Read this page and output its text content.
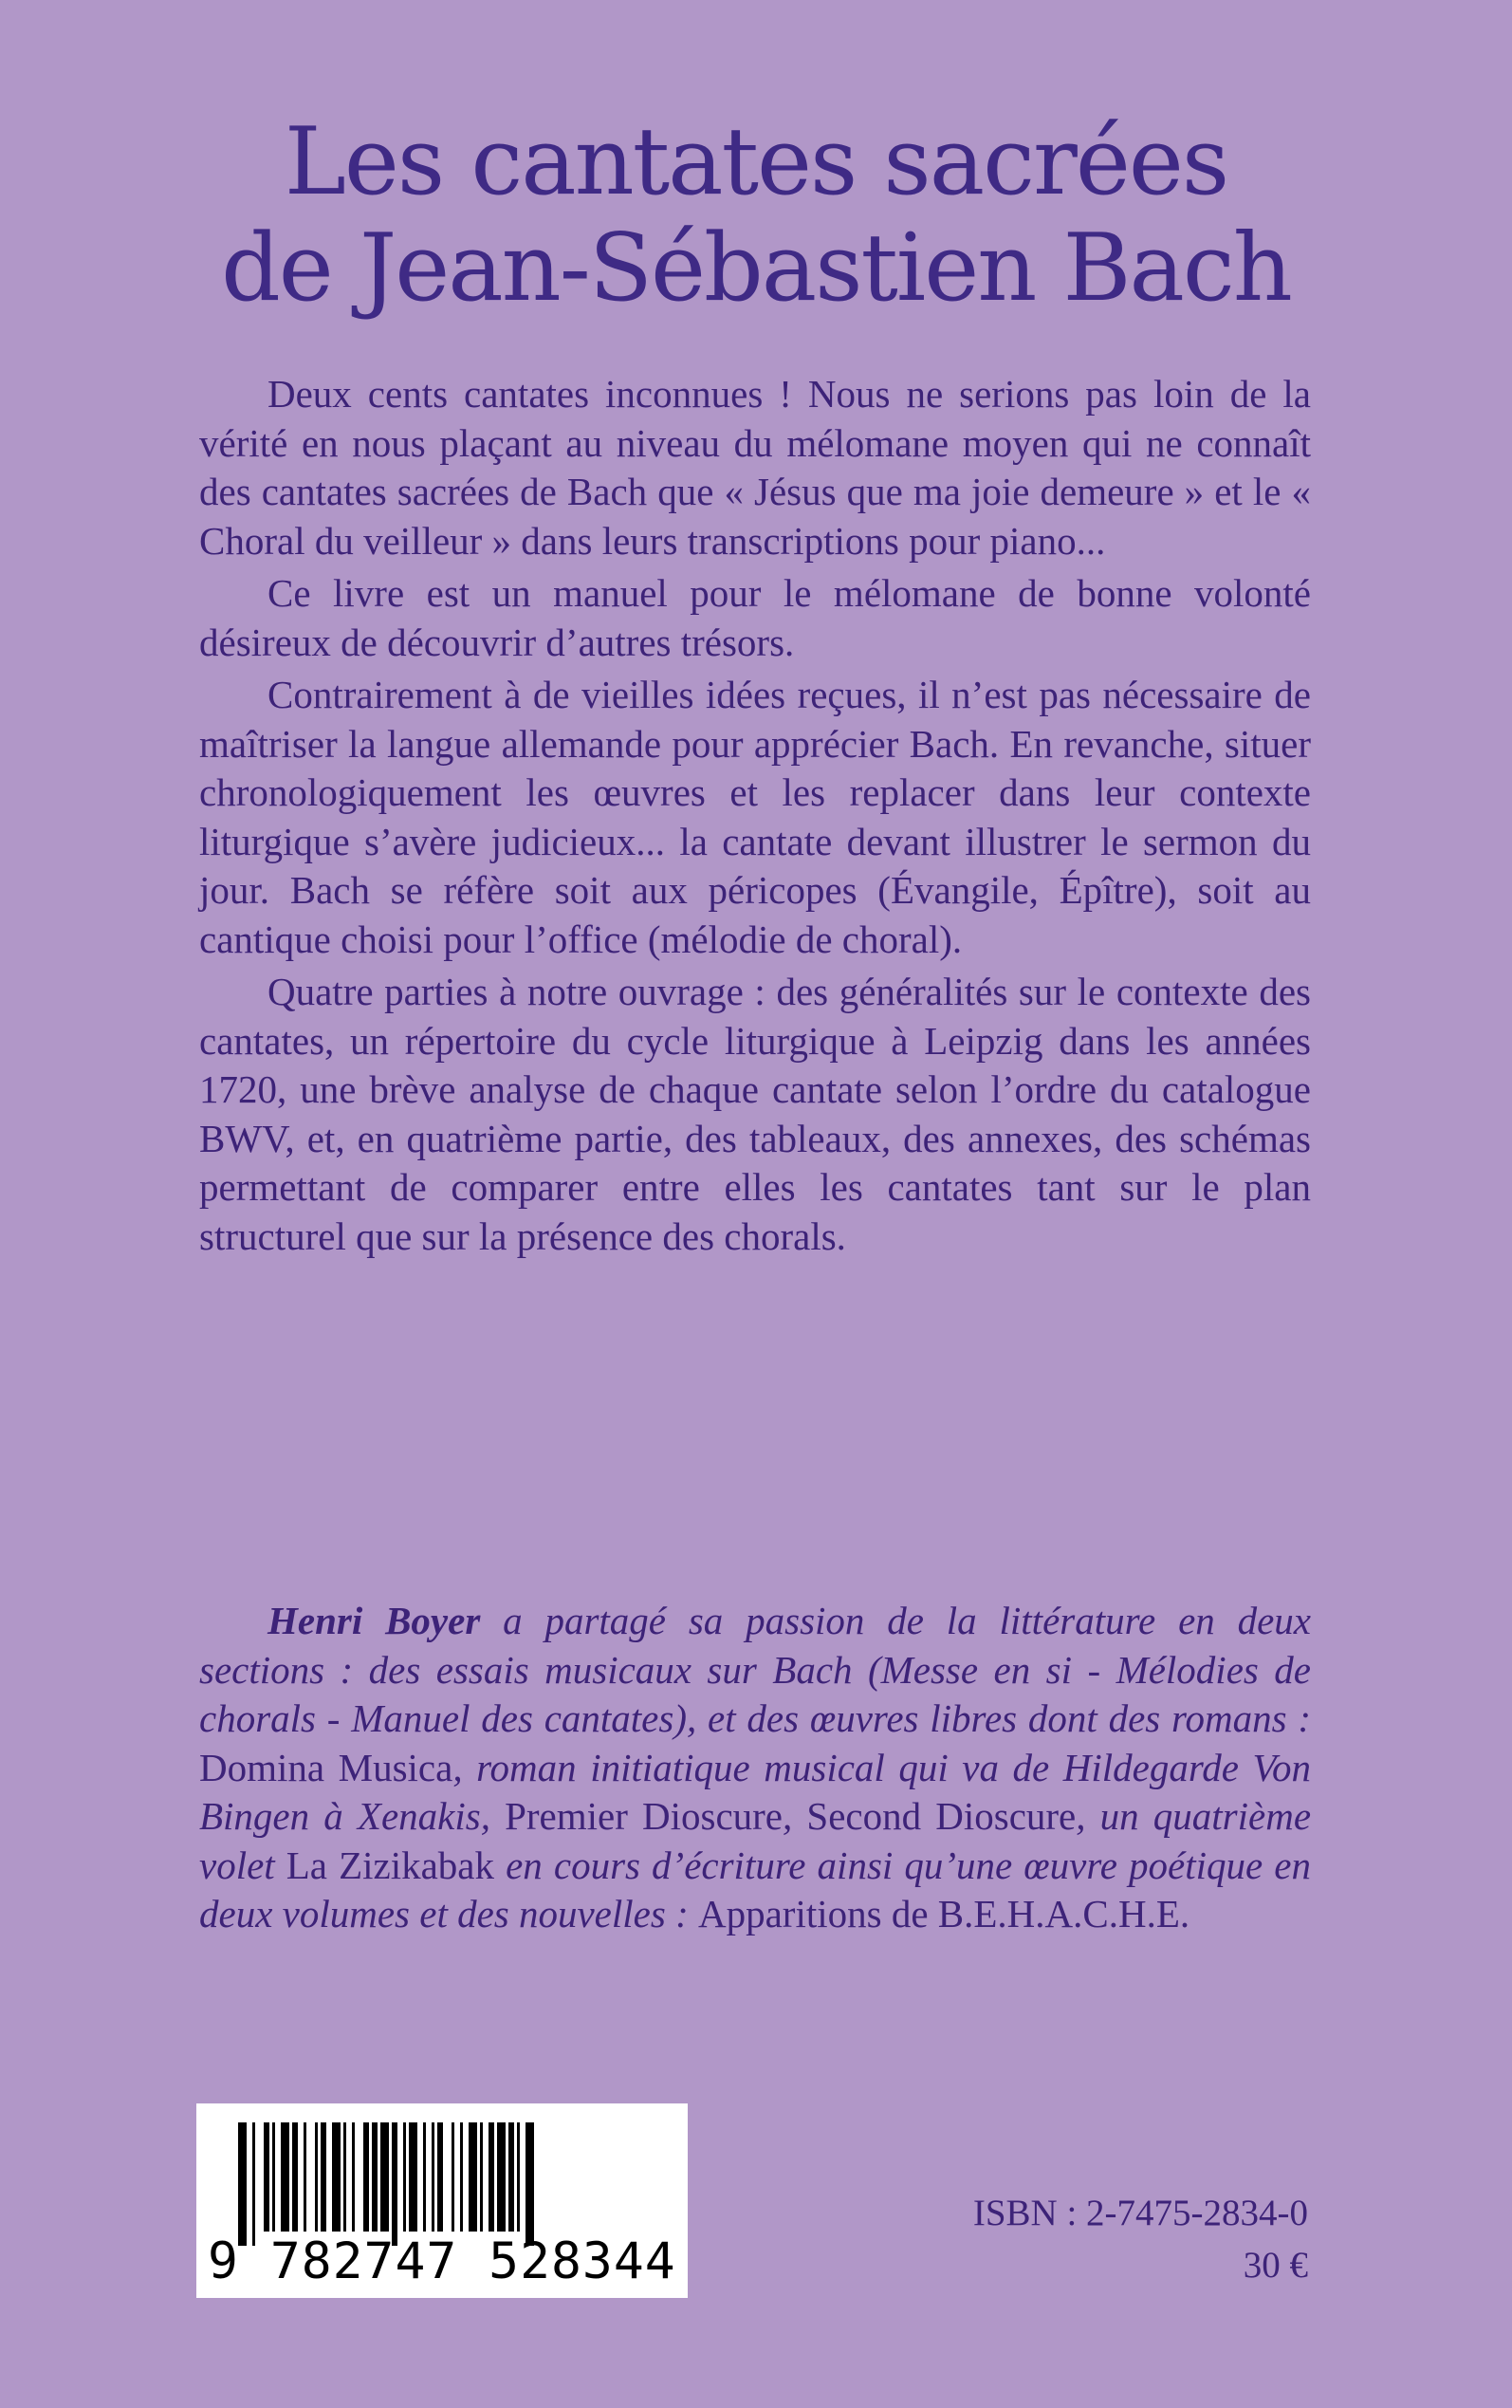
Les cantates sacrées
de Jean-Sébastien Bach

Deux cents cantates inconnues ! Nous ne serions pas loin de la vérité en nous plaçant au niveau du mélomane moyen qui ne connaît des cantates sacrées de Bach que « Jésus que ma joie demeure » et le « Choral du veilleur » dans leurs transcriptions pour piano...

Ce livre est un manuel pour le mélomane de bonne volonté désireux de découvrir d’autres trésors.

Contrairement à de vieilles idées reçues, il n’est pas nécessaire de maîtriser la langue allemande pour apprécier Bach. En revanche, situer chronologiquement les œuvres et les replacer dans leur contexte liturgique s’avère judicieux... la cantate devant illustrer le sermon du jour. Bach se réfère soit aux péricopes (Évangile, Épître), soit au cantique choisi pour l’office (mélodie de choral).

Quatre parties à notre ouvrage : des généralités sur le contexte des cantates, un répertoire du cycle liturgique à Leipzig dans les années 1720, une brève analyse de chaque cantate selon l’ordre du catalogue BWV, et, en quatrième partie, des tableaux, des annexes, des schémas permettant de comparer entre elles les cantates tant sur le plan structurel que sur la présence des chorals.

Henri Boyer a partagé sa passion de la littérature en deux sections : des essais musicaux sur Bach (Messe en si - Mélodies de chorals - Manuel des cantates), et des œuvres libres dont des romans : Domina Musica, roman initiatique musical qui va de Hildegarde Von Bingen à Xenakis, Premier Dioscure, Second Dioscure, un quatrième volet La Zizikabak en cours d’écriture ainsi qu’une œuvre poétique en deux volumes et des nouvelles : Apparitions de B.E.H.A.C.H.E.

9 782747 528344
ISBN : 2-7475-2834-0
30 €
